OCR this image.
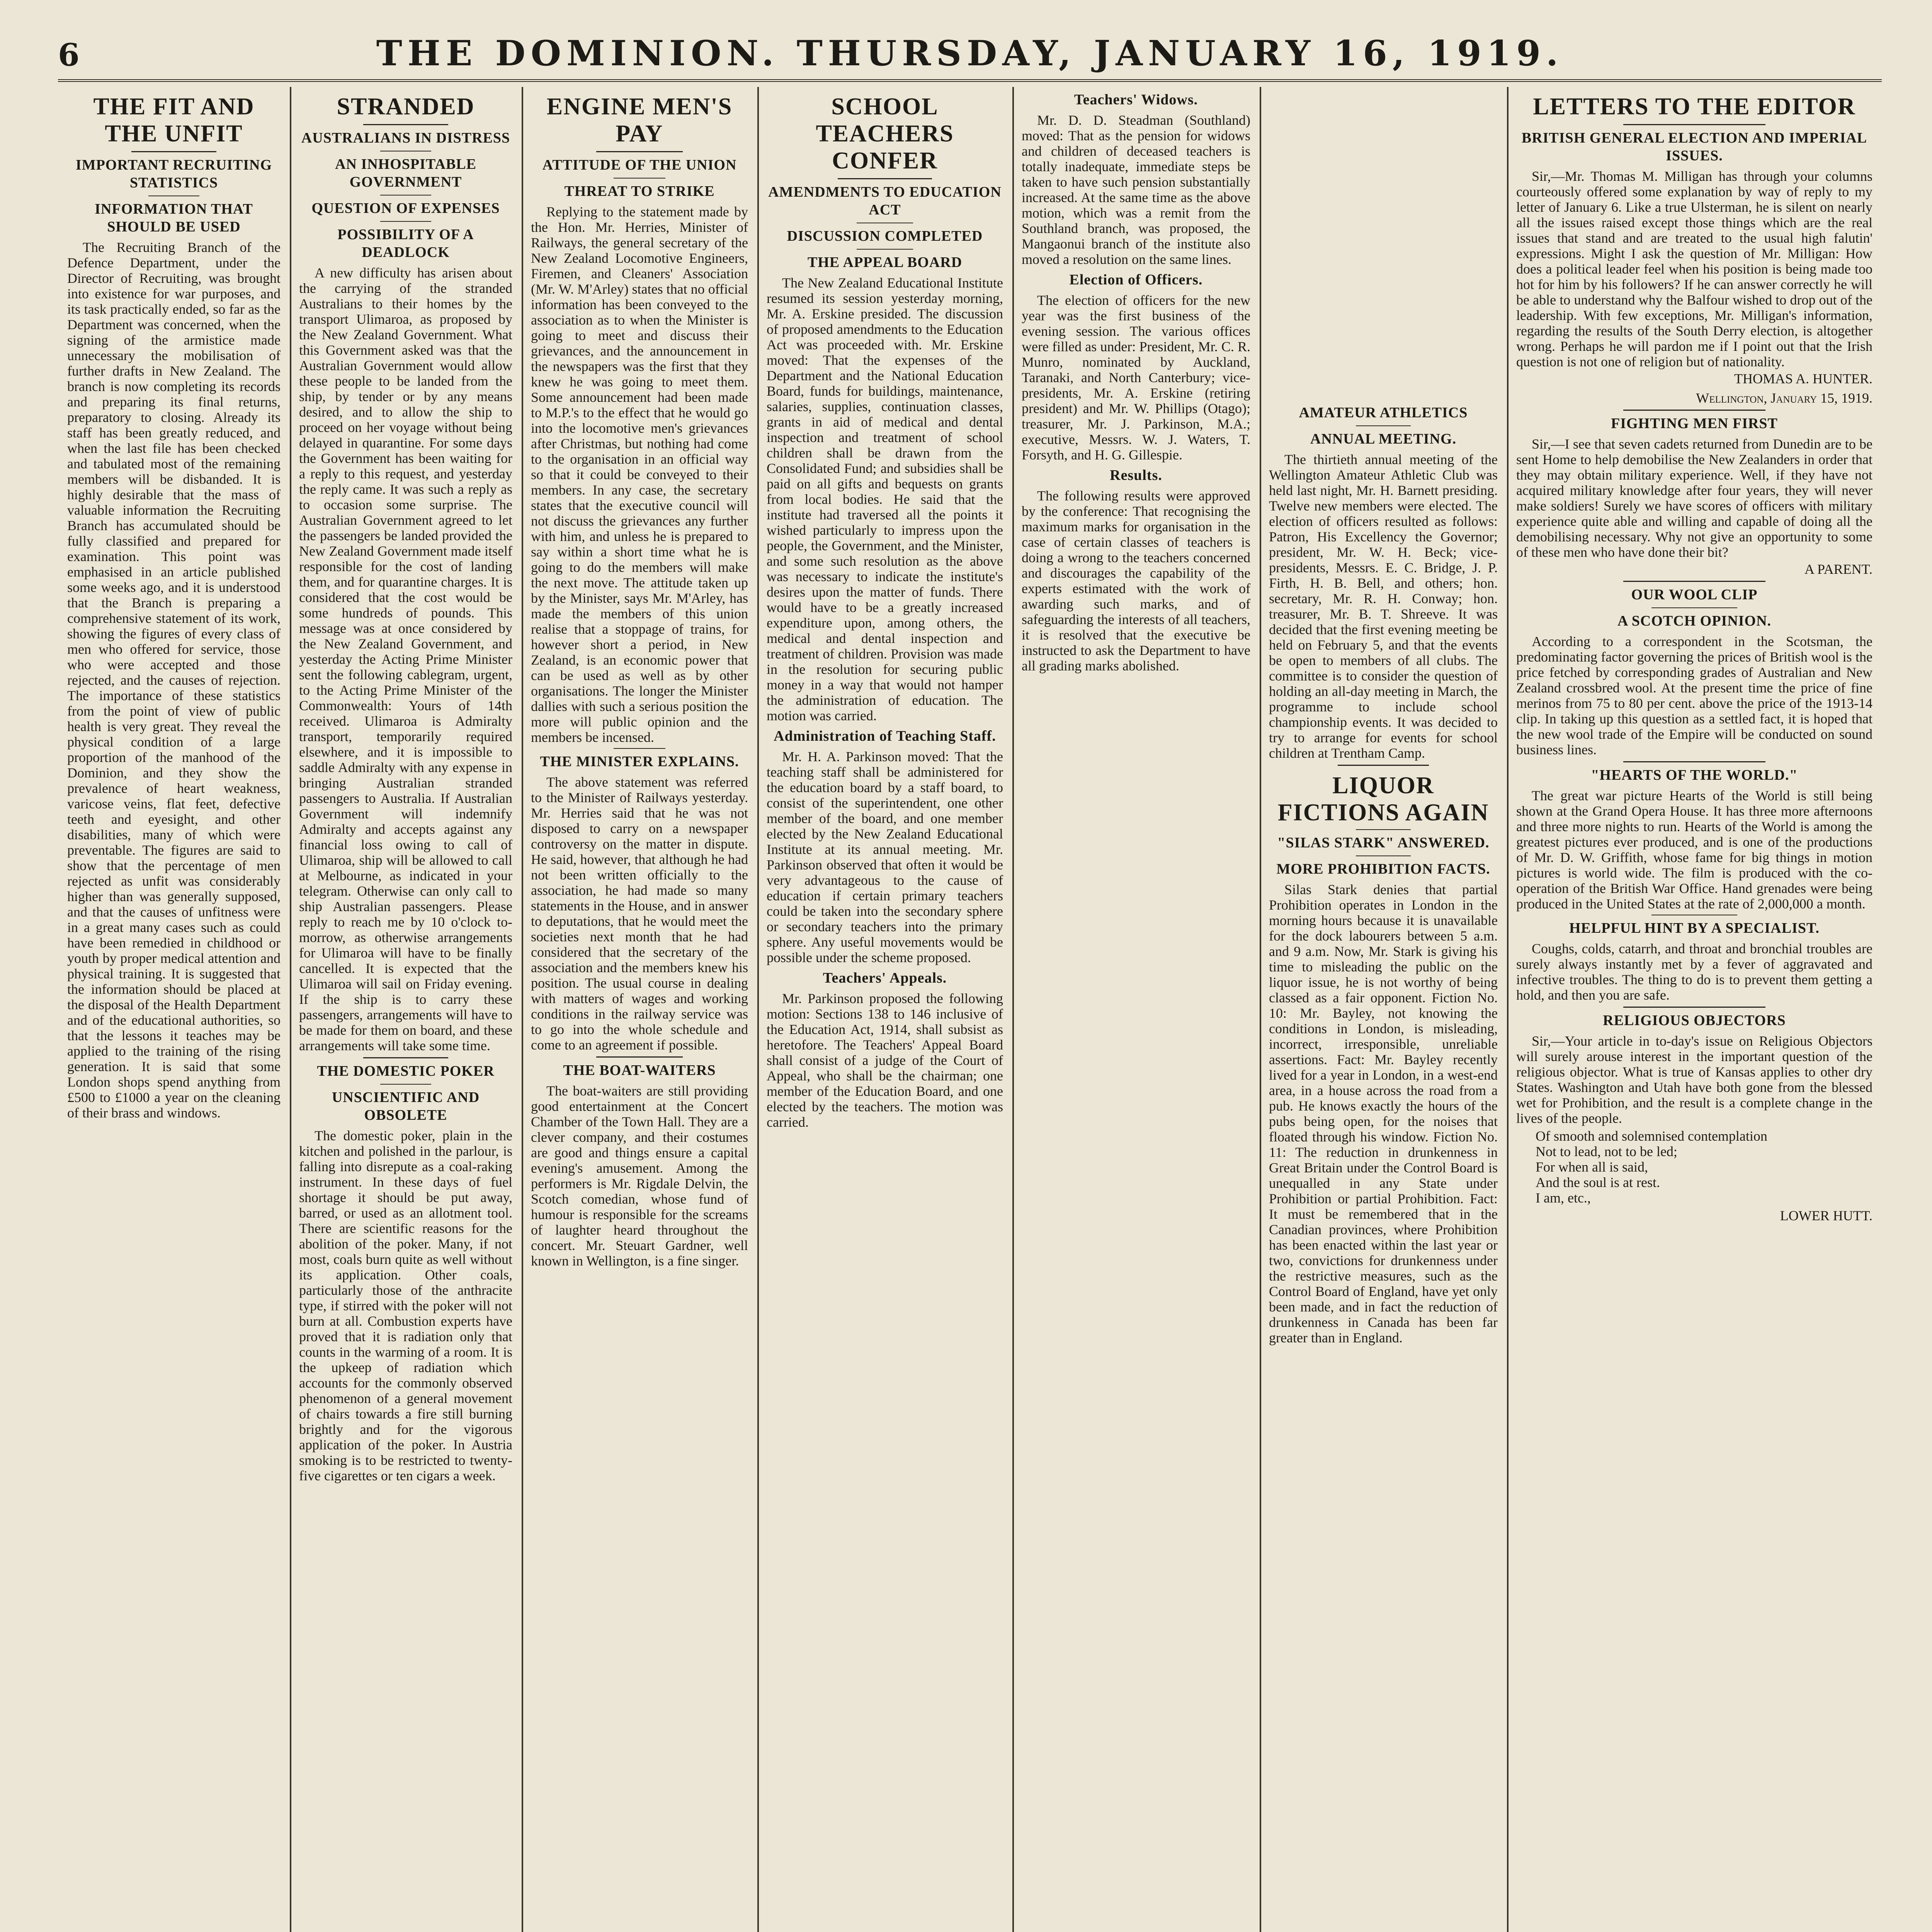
6	THE DOMINION. THURSDAY, JANUARY 16, 1919.
THE FIT AND THE UNFIT
IMPORTANT RECRUITING STATISTICS
INFORMATION THAT SHOULD BE USED
The Recruiting Branch of the Defence Department, under the Director of Recruiting, was brought into existence for war purposes, and its task practically ended, so far as the Department was concerned, when the signing of the armistice made unnecessary the mobilisation of further drafts in New Zealand. The branch is now completing its records and preparing its final returns, preparatory to closing. Already its staff has been greatly reduced, and when the last file has been checked and tabulated most of the remaining members will be disbanded. It is highly desirable that the mass of valuable information the Recruiting Branch has accumulated should be fully classified and prepared for examination. This point was emphasised in an article published some weeks ago, and it is understood that the Branch is preparing a comprehensive statement of its work, showing the figures of every class of men who offered for service, those who were accepted and those rejected, and the causes of rejection. The importance of these statistics from the point of view of public health is very great. They reveal the physical condition of a large proportion of the manhood of the Dominion, and they show the prevalence of heart weakness, varicose veins, flat feet, defective teeth and eyesight, and other disabilities, many of which were preventable. The figures are said to show that the percentage of men rejected as unfit was considerably higher than was generally supposed, and that the causes of unfitness were in a great many cases such as could have been remedied in childhood or youth by proper medical attention and physical training. It is suggested that the information should be placed at the disposal of the Health Department and of the educational authorities, so that the lessons it teaches may be applied to the training of the rising generation. It is said that some London shops spend anything from £500 to £1000 a year on the cleaning of their brass and windows.
STRANDED
AUSTRALIANS IN DISTRESS
AN INHOSPITABLE GOVERNMENT
QUESTION OF EXPENSES
POSSIBILITY OF A DEADLOCK
A new difficulty has arisen about the carrying of the stranded Australians to their homes by the transport Ulimaroa, as proposed by the New Zealand Government. What this Government asked was that the Australian Government would allow these people to be landed from the ship, by tender or by any means desired, and to allow the ship to proceed on her voyage without being delayed in quarantine. For some days the Government has been waiting for a reply to this request, and yesterday the reply came. It was such a reply as to occasion some surprise. The Australian Government agreed to let the passengers be landed provided the New Zealand Government made itself responsible for the cost of landing them, and for quarantine charges. It is considered that the cost would be some hundreds of pounds. This message was at once considered by the New Zealand Government, and yesterday the Acting Prime Minister sent the following cablegram, urgent, to the Acting Prime Minister of the Commonwealth: Yours of 14th received. Ulimaroa is Admiralty transport, temporarily required elsewhere, and it is impossible to saddle Admiralty with any expense in bringing Australian stranded passengers to Australia. If Australian Government will indemnify Admiralty and accepts against any financial loss owing to call of Ulimaroa, ship will be allowed to call at Melbourne, as indicated in your telegram. Otherwise can only call to ship Australian passengers. Please reply to reach me by 10 o'clock to-morrow, as otherwise arrangements for Ulimaroa will have to be finally cancelled. It is expected that the Ulimaroa will sail on Friday evening. If the ship is to carry these passengers, arrangements will have to be made for them on board, and these arrangements will take some time.
THE DOMESTIC POKER
UNSCIENTIFIC AND OBSOLETE
The domestic poker, plain in the kitchen and polished in the parlour, is falling into disrepute as a coal-raking instrument. In these days of fuel shortage it should be put away, barred, or used as an allotment tool. There are scientific reasons for the abolition of the poker. Many, if not most, coals burn quite as well without its application. Other coals, particularly those of the anthracite type, if stirred with the poker will not burn at all. Combustion experts have proved that it is radiation only that counts in the warming of a room. It is the upkeep of radiation which accounts for the commonly observed phenomenon of a general movement of chairs towards a fire still burning brightly and for the vigorous application of the poker. In Austria smoking is to be restricted to twenty-five cigarettes or ten cigars a week.
ENGINE MEN'S PAY
ATTITUDE OF THE UNION
THREAT TO STRIKE
Replying to the statement made by the Hon. Mr. Herries, Minister of Railways, the general secretary of the New Zealand Locomotive Engineers, Firemen, and Cleaners' Association (Mr. W. M'Arley) states that no official information has been conveyed to the association as to when the Minister is going to meet and discuss their grievances, and the announcement in the newspapers was the first that they knew he was going to meet them. Some announcement had been made to M.P.'s to the effect that he would go into the locomotive men's grievances after Christmas, but nothing had come to the organisation in an official way so that it could be conveyed to their members. In any case, the secretary states that the executive council will not discuss the grievances any further with him, and unless he is prepared to say within a short time what he is going to do the members will make the next move. The attitude taken up by the Minister, says Mr. M'Arley, has made the members of this union realise that a stoppage of trains, for however short a period, in New Zealand, is an economic power that can be used as well as by other organisations. The longer the Minister dallies with such a serious position the more will public opinion and the members be incensed.
THE MINISTER EXPLAINS.
The above statement was referred to the Minister of Railways yesterday. Mr. Herries said that he was not disposed to carry on a newspaper controversy on the matter in dispute. He said, however, that although he had not been written officially to the association, he had made so many statements in the House, and in answer to deputations, that he would meet the societies next month that he had considered that the secretary of the association and the members knew his position. The usual course in dealing with matters of wages and working conditions in the railway service was to go into the whole schedule and come to an agreement if possible.
THE BOAT-WAITERS
The boat-waiters are still providing good entertainment at the Concert Chamber of the Town Hall. They are a clever company, and their costumes are good and things ensure a capital evening's amusement. Among the performers is Mr. Rigdale Delvin, the Scotch comedian, whose fund of humour is responsible for the screams of laughter heard throughout the concert. Mr. Steuart Gardner, well known in Wellington, is a fine singer.
SCHOOL TEACHERS CONFER
AMENDMENTS TO EDUCATION ACT
DISCUSSION COMPLETED
THE APPEAL BOARD
The New Zealand Educational Institute resumed its session yesterday morning, Mr. A. Erskine presided. The discussion of proposed amendments to the Education Act was proceeded with. Mr. Erskine moved: That the expenses of the Department and the National Education Board, funds for buildings, maintenance, salaries, supplies, continuation classes, grants in aid of medical and dental inspection and treatment of school children shall be drawn from the Consolidated Fund; and subsidies shall be paid on all gifts and bequests on grants from local bodies. He said that the institute had traversed all the points it wished particularly to impress upon the people, the Government, and the Minister, and some such resolution as the above was necessary to indicate the institute's desires upon the matter of funds. There would have to be a greatly increased expenditure upon, among others, the medical and dental inspection and treatment of children. Provision was made in the resolution for securing public money in a way that would not hamper the administration of education. The motion was carried.
Administration of Teaching Staff.
Mr. H. A. Parkinson moved: That the teaching staff shall be administered for the education board by a staff board, to consist of the superintendent, one other member of the board, and one member elected by the New Zealand Educational Institute at its annual meeting. Mr. Parkinson observed that often it would be very advantageous to the cause of education if certain primary teachers could be taken into the secondary sphere or secondary teachers into the primary sphere. Any useful movements would be possible under the scheme proposed.
Teachers' Appeals.
Mr. Parkinson proposed the following motion: Sections 138 to 146 inclusive of the Education Act, 1914, shall subsist as heretofore. The Teachers' Appeal Board shall consist of a judge of the Court of Appeal, who shall be the chairman; one member of the Education Board, and one elected by the teachers. The motion was carried.
Teachers' Widows.
Mr. D. D. Steadman (Southland) moved: That as the pension for widows and children of deceased teachers is totally inadequate, immediate steps be taken to have such pension substantially increased. At the same time as the above motion, which was a remit from the Southland branch, was proposed, the Mangaonui branch of the institute also moved a resolution on the same lines.
Election of Officers.
The election of officers for the new year was the first business of the evening session. The various offices were filled as under: President, Mr. C. R. Munro, nominated by Auckland, Taranaki, and North Canterbury; vice-presidents, Mr. A. Erskine (retiring president) and Mr. W. Phillips (Otago); treasurer, Mr. J. Parkinson, M.A.; executive, Messrs. W. J. Waters, T. Forsyth, and H. G. Gillespie.
Results.
The following results were approved by the conference: That recognising the maximum marks for organisation in the case of certain classes of teachers is doing a wrong to the teachers concerned and discourages the capability of the experts estimated with the work of awarding such marks, and of safeguarding the interests of all teachers, it is resolved that the executive be instructed to ask the Department to have all grading marks abolished.
AMATEUR ATHLETICS
ANNUAL MEETING.
The thirtieth annual meeting of the Wellington Amateur Athletic Club was held last night, Mr. H. Barnett presiding. Twelve new members were elected. The election of officers resulted as follows: Patron, His Excellency the Governor; president, Mr. W. H. Beck; vice-presidents, Messrs. E. C. Bridge, J. P. Firth, H. B. Bell, and others; hon. secretary, Mr. R. H. Conway; hon. treasurer, Mr. B. T. Shreeve. It was decided that the first evening meeting be held on February 5, and that the events be open to members of all clubs. The committee is to consider the question of holding an all-day meeting in March, the programme to include school championship events. It was decided to try to arrange for events for school children at Trentham Camp.
LIQUOR FICTIONS AGAIN
"SILAS STARK" ANSWERED.
MORE PROHIBITION FACTS.
Silas Stark denies that partial Prohibition operates in London in the morning hours because it is unavailable for the dock labourers between 5 a.m. and 9 a.m. Now, Mr. Stark is giving his time to misleading the public on the liquor issue, he is not worthy of being classed as a fair opponent. Fiction No. 10: Mr. Bayley, not knowing the conditions in London, is misleading, incorrect, irresponsible, unreliable assertions. Fact: Mr. Bayley recently lived for a year in London, in a west-end area, in a house across the road from a pub. He knows exactly the hours of the pubs being open, for the noises that floated through his window. Fiction No. 11: The reduction in drunkenness in Great Britain under the Control Board is unequalled in any State under Prohibition or partial Prohibition. Fact: It must be remembered that in the Canadian provinces, where Prohibition has been enacted within the last year or two, convictions for drunkenness under the restrictive measures, such as the Control Board of England, have yet only been made, and in fact the reduction of drunkenness in Canada has been far greater than in England.
LETTERS TO THE EDITOR
BRITISH GENERAL ELECTION AND IMPERIAL ISSUES.
Sir,—Mr. Thomas M. Milligan has through your columns courteously offered some explanation by way of reply to my letter of January 6. Like a true Ulsterman, he is silent on nearly all the issues raised except those things which are the real issues that stand and are treated to the usual high falutin' expressions. Might I ask the question of Mr. Milligan: How does a political leader feel when his position is being made too hot for him by his followers? If he can answer correctly he will be able to understand why the Balfour wished to drop out of the leadership. With few exceptions, Mr. Milligan's information, regarding the results of the South Derry election, is altogether wrong. Perhaps he will pardon me if I point out that the Irish question is not one of religion but of nationality.
THOMAS A. HUNTER.
Wellington, January 15, 1919.
FIGHTING MEN FIRST
Sir,—I see that seven cadets returned from Dunedin are to be sent Home to help demobilise the New Zealanders in order that they may obtain military experience. Well, if they have not acquired military knowledge after four years, they will never make soldiers! Surely we have scores of officers with military experience quite able and willing and capable of doing all the demobilising necessary. Why not give an opportunity to some of these men who have done their bit?
A PARENT.
OUR WOOL CLIP
A SCOTCH OPINION.
According to a correspondent in the Scotsman, the predominating factor governing the prices of British wool is the price fetched by corresponding grades of Australian and New Zealand crossbred wool. At the present time the price of fine merinos from 75 to 80 per cent. above the price of the 1913-14 clip. In taking up this question as a settled fact, it is hoped that the new wool trade of the Empire will be conducted on sound business lines.
"HEARTS OF THE WORLD."
The great war picture Hearts of the World is still being shown at the Grand Opera House. It has three more afternoons and three more nights to run. Hearts of the World is among the greatest pictures ever produced, and is one of the productions of Mr. D. W. Griffith, whose fame for big things in motion pictures is world wide. The film is produced with the co-operation of the British War Office. Hand grenades were being produced in the United States at the rate of 2,000,000 a month.
HELPFUL HINT BY A SPECIALIST.
Coughs, colds, catarrh, and throat and bronchial troubles are surely always instantly met by a fever of aggravated and infective troubles. The thing to do is to prevent them getting a hold, and then you are safe.
RELIGIOUS OBJECTORS
Sir,—Your article in to-day's issue on Religious Objectors will surely arouse interest in the important question of the religious objector. What is true of Kansas applies to other dry States. Washington and Utah have both gone from the blessed wet for Prohibition, and the result is a complete change in the lives of the people.
Of smooth and solemnised contemplation
Not to lead, not to be led;
For when all is said,
And the soul is at rest.
I am, etc.,
LOWER HUTT.
